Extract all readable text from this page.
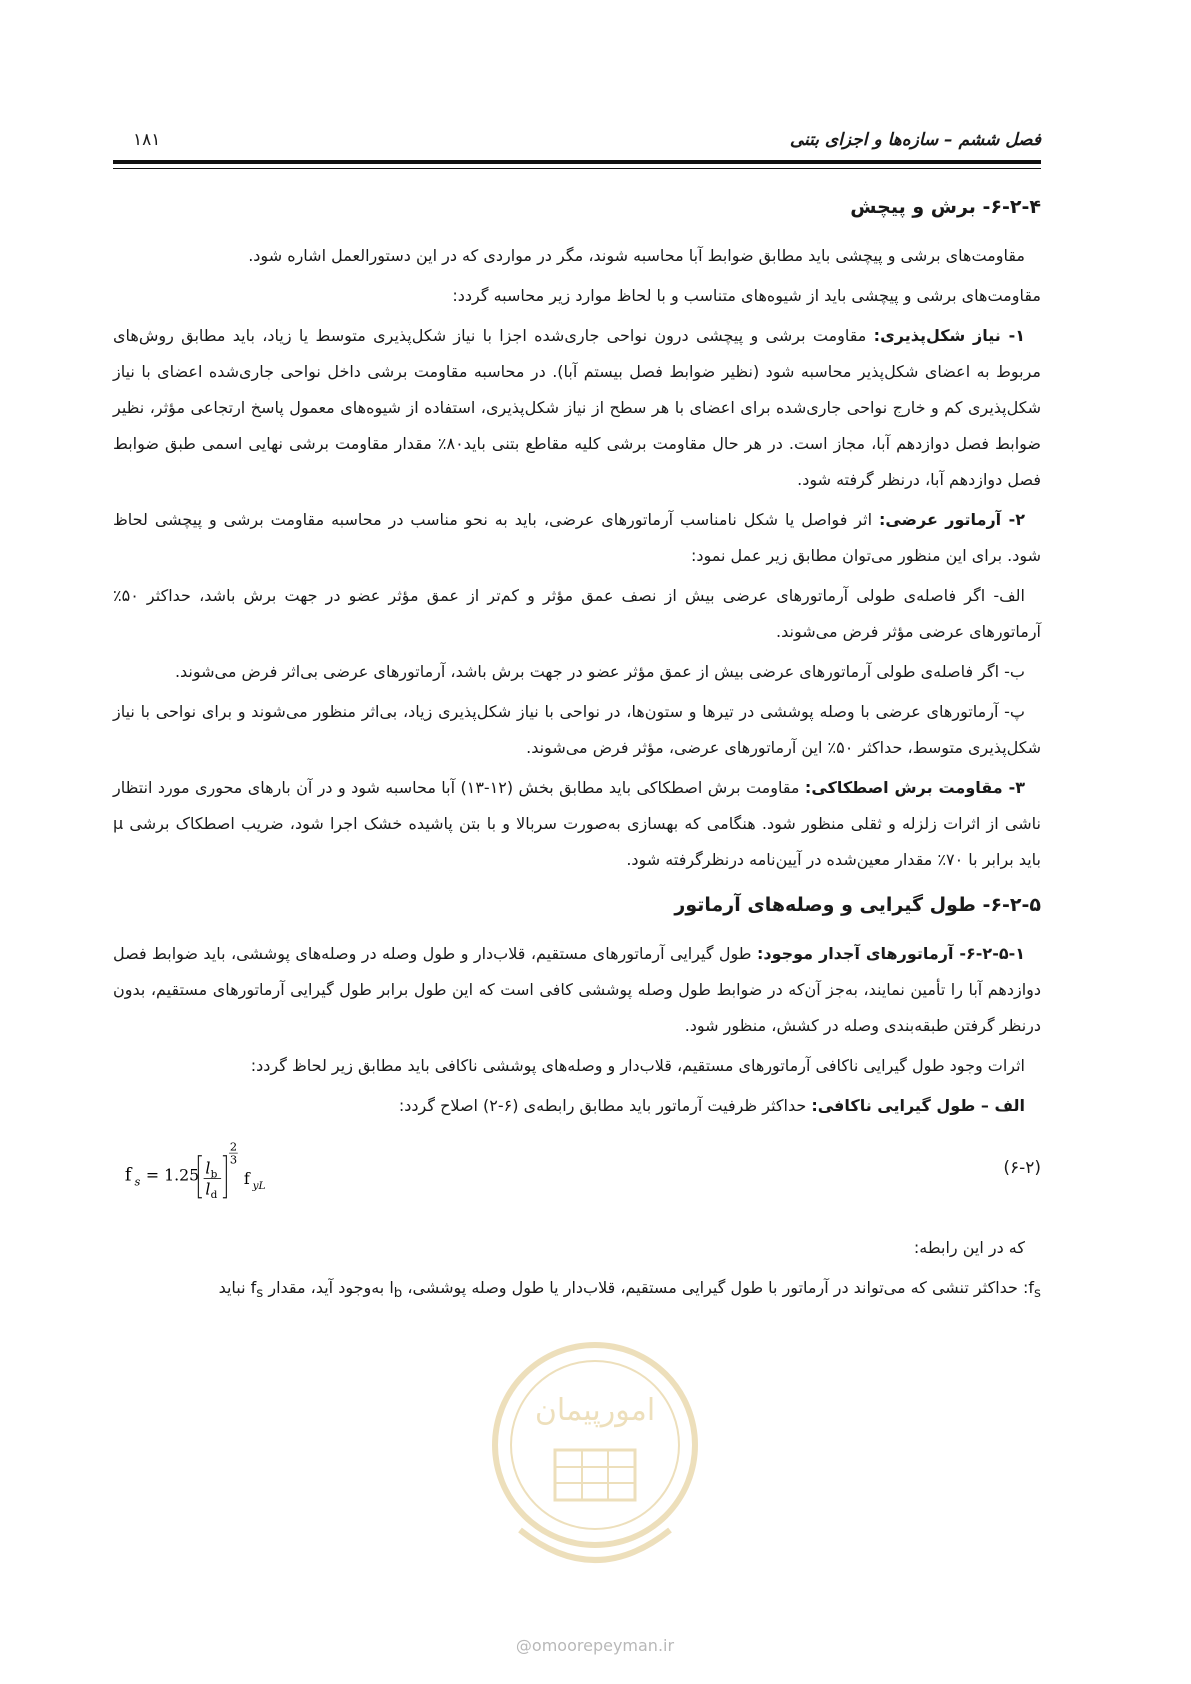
فصل ششم – سازه‌ها و اجزای بتنی
۱۸۱
۶-۲-۴- برش و پیچش

مقاومت‌های برشی و پیچشی باید مطابق ضوابط آبا محاسبه شوند، مگر در مواردی که در این دستورالعمل اشاره شود.

مقاومت‌های برشی و پیچشی باید از شیوه‌های متناسب و با لحاظ موارد زیر محاسبه گردد:

۱- نیاز شکل‌پذیری: مقاومت برشی و پیچشی درون نواحی جاری‌شده اجزا با نیاز شکل‌پذیری متوسط یا زیاد، باید مطابق روش‌های مربوط به اعضای شکل‌پذیر محاسبه شود (نظیر ضوابط فصل بیستم آبا). در محاسبه مقاومت برشی داخل نواحی جاری‌شده اعضای با نیاز شکل‌پذیری کم و خارج نواحی جاری‌شده برای اعضای با هر سطح از نیاز شکل‌پذیری، استفاده از شیوه‌های معمول پاسخ ارتجاعی مؤثر، نظیر ضوابط فصل دوازدهم آبا، مجاز است. در هر حال مقاومت برشی کلیه مقاطع بتنی باید۸۰٪ مقدار مقاومت برشی نهایی اسمی طبق ضوابط فصل دوازدهم آبا، درنظر گرفته شود.

۲- آرماتور عرضی: اثر فواصل یا شکل نامناسب آرماتورهای عرضی، باید به نحو مناسب در محاسبه مقاومت برشی و پیچشی لحاظ شود. برای این منظور می‌توان مطابق زیر عمل نمود:

الف- اگر فاصله‌ی طولی آرماتورهای عرضی بیش از نصف عمق مؤثر و کم‌تر از عمق مؤثر عضو در جهت برش باشد، حداکثر ۵۰٪ آرماتورهای عرضی مؤثر فرض می‌شوند.

ب- اگر فاصله‌ی طولی آرماتورهای عرضی بیش از عمق مؤثر عضو در جهت برش باشد، آرماتورهای عرضی بی‌اثر فرض می‌شوند.

پ- آرماتورهای عرضی با وصله پوششی در تیرها و ستون‌ها، در نواحی با نیاز شکل‌پذیری زیاد، بی‌اثر منظور می‌شوند و برای نواحی با نیاز شکل‌پذیری متوسط، حداکثر ۵۰٪ این آرماتورهای عرضی، مؤثر فرض می‌شوند.

۳- مقاومت برش اصطکاکی: مقاومت برش اصطکاکی باید مطابق بخش (۱۲-۱۳) آبا محاسبه شود و در آن بارهای محوری مورد انتظار ناشی از اثرات زلزله و ثقلی منظور شود. هنگامی که بهسازی به‌صورت سربالا و با بتن پاشیده خشک اجرا شود، ضریب اصطکاک برشی μ باید برابر با ۷۰٪ مقدار معین‌شده در آیین‌نامه درنظرگرفته شود.

۶-۲-۵- طول گیرایی و وصله‌های آرماتور

۶-۲-۵-۱- آرماتورهای آجدار موجود: طول گیرایی آرماتورهای مستقیم، قلاب‌دار و طول وصله در وصله‌های پوششی، باید ضوابط فصل دوازدهم آبا را تأمین نمایند، به‌جز آن‌که در ضوابط طول وصله پوششی کافی است که این طول برابر طول گیرایی آرماتورهای مستقیم، بدون درنظر گرفتن طبقه‌بندی وصله در کشش، منظور شود.

اثرات وجود طول گیرایی ناکافی آرماتورهای مستقیم، قلاب‌دار و وصله‌های پوششی ناکافی باید مطابق زیر لحاظ گردد:

الف – طول گیرایی ناکافی: حداکثر ظرفیت آرماتور باید مطابق رابطه‌ی (۶-۲) اصلاح گردد:

f s = 1.25 l b
l d
2
3
f yL
(۶-۲)

که در این رابطه:

$f_s$: حداکثر تنشی که می‌تواند در آرماتور با طول گیرایی مستقیم، قلاب‌دار یا طول وصله پوششی، $l_b$ به‌وجود آید، مقدار $f_s$ نباید

امورپیمان
@omoorepeyman.ir
